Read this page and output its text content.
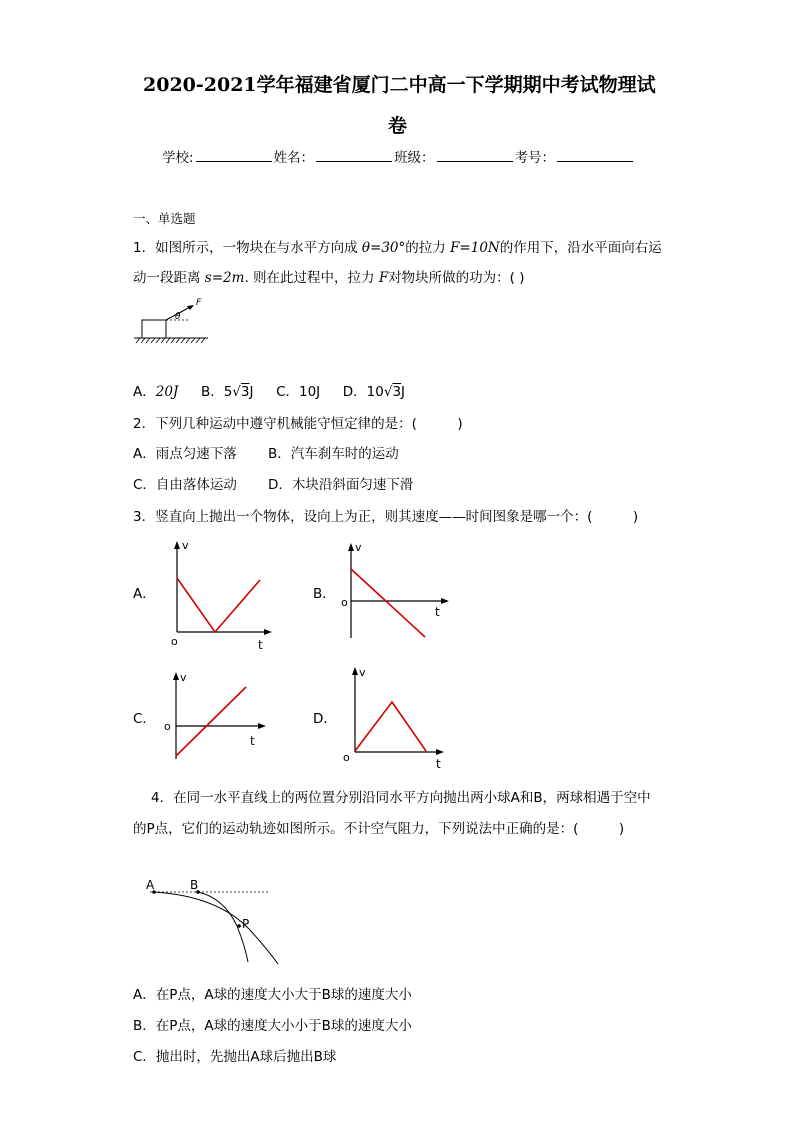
2020-2021学年福建省厦门二中高一下学期期中考试物理试
卷
学校:	姓名：	班级：	考号：
一、单选题
1．如图所示，一物块在与水平方向成 θ=30°的拉力 F=10N的作用下，沿水平面向右运
动一段距离 s=2m. 则在此过程中，拉力 F对物块所做的功为：( )
F
θ
A．20J B．5√3J C．10J D．10√3J
2．下列几种运动中遵守机械能守恒定律的是：(　　　)
A．雨点匀速下落 B．汽车刹车时的运动
C．自由落体运动 D．木块沿斜面匀速下滑
3．竖直向上抛出一个物体，设向上为正，则其速度——时间图象是哪一个：(　　　)
A．	B．
C．	D．
v
t
o
v
t
o
v
t
o
v
t
o
4．在同一水平直线上的两位置分别沿同水平方向抛出两小球A和B，两球相遇于空中
的P点，它们的运动轨迹如图所示。不计空气阻力，下列说法中正确的是：(　　　)
A	B
P
A．在P点，A球的速度大小大于B球的速度大小
B．在P点，A球的速度大小小于B球的速度大小
C．抛出时，先抛出A球后抛出B球
